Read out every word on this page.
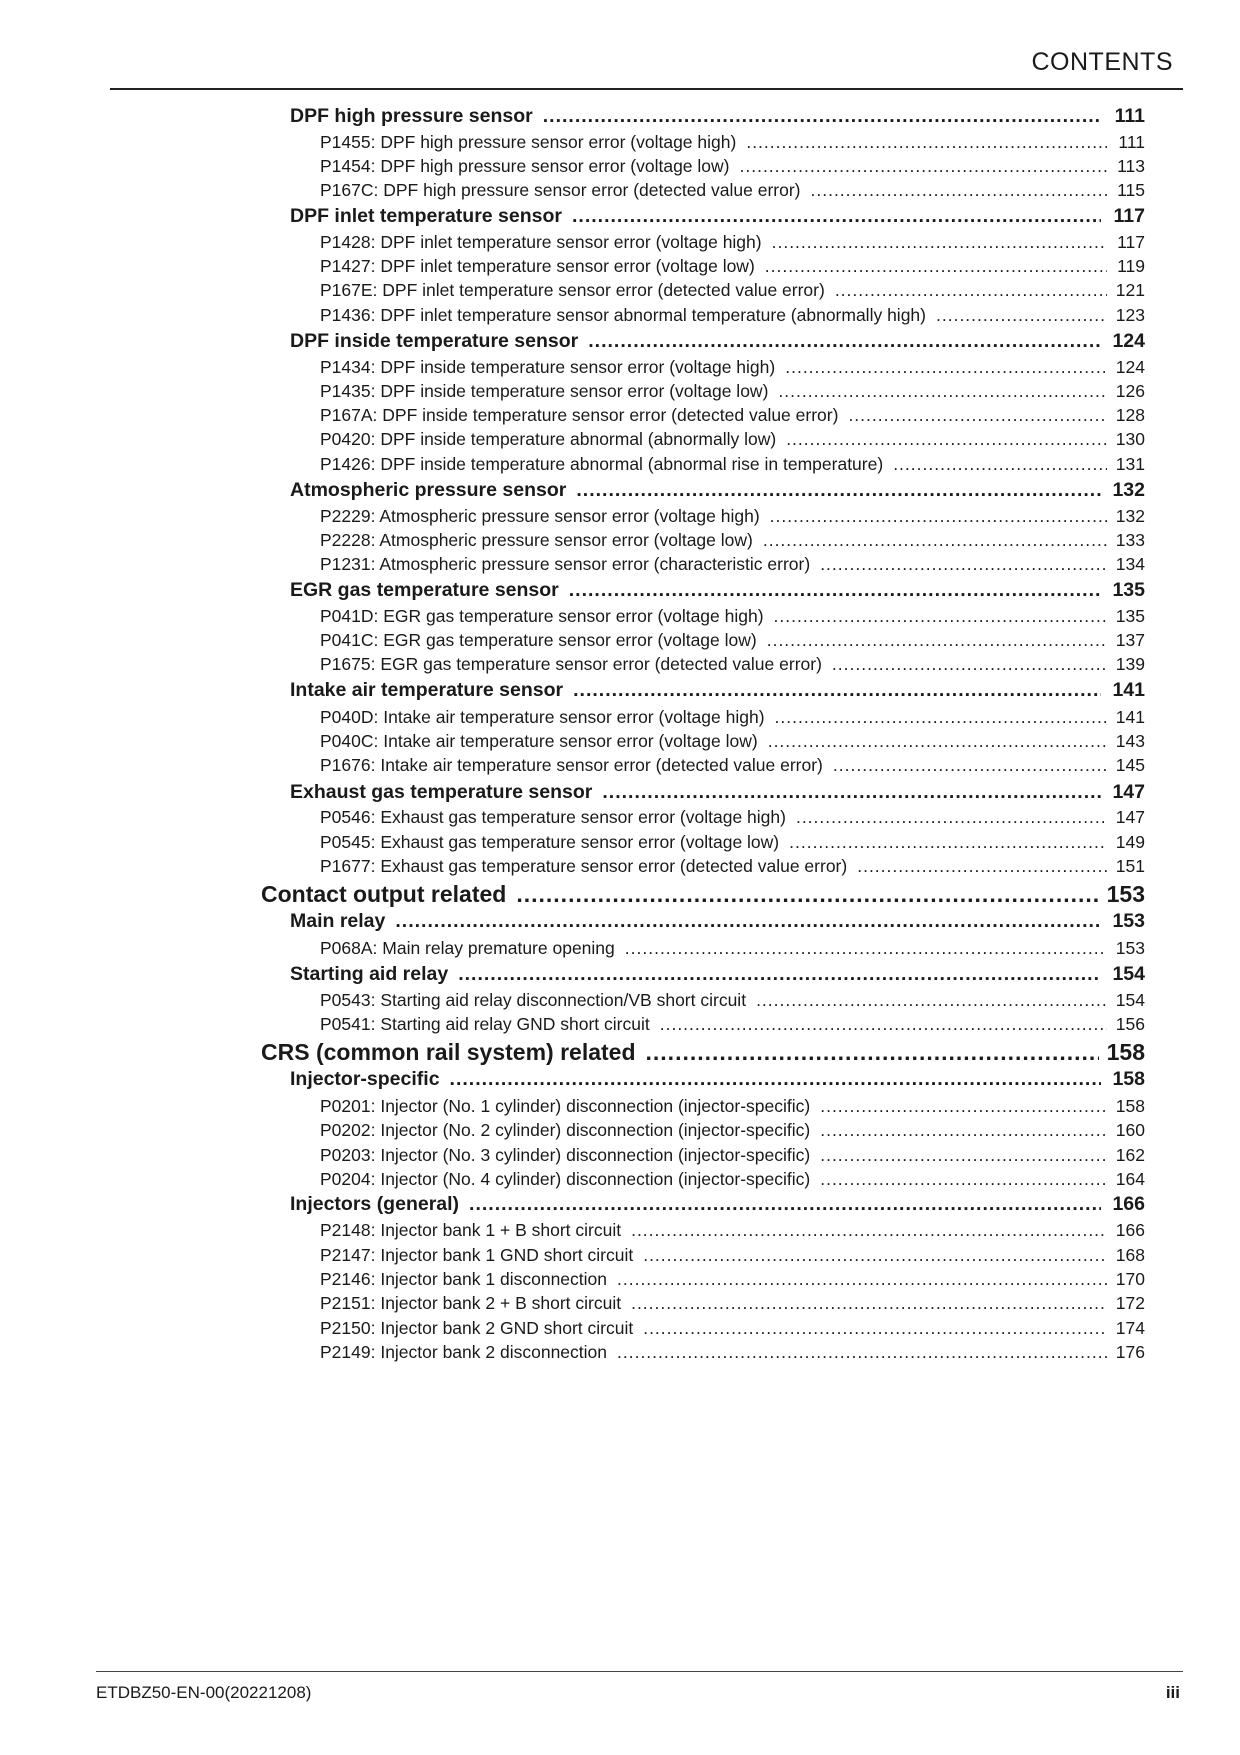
CONTENTS
DPF high pressure sensor .....	111
P1455: DPF high pressure sensor error (voltage high) .....	111
P1454: DPF high pressure sensor error (voltage low) .....	113
P167C: DPF high pressure sensor error (detected value error) .....	115
DPF inlet temperature sensor .....	117
P1428: DPF inlet temperature sensor error (voltage high) .....	117
P1427: DPF inlet temperature sensor error (voltage low) .....	119
P167E: DPF inlet temperature sensor error (detected value error) .....	121
P1436: DPF inlet temperature sensor abnormal temperature (abnormally high) .....	123
DPF inside temperature sensor .....	124
P1434: DPF inside temperature sensor error (voltage high) .....	124
P1435: DPF inside temperature sensor error (voltage low) .....	126
P167A: DPF inside temperature sensor error (detected value error) .....	128
P0420: DPF inside temperature abnormal (abnormally low) .....	130
P1426: DPF inside temperature abnormal (abnormal rise in temperature) .....	131
Atmospheric pressure sensor .....	132
P2229: Atmospheric pressure sensor error (voltage high) .....	132
P2228: Atmospheric pressure sensor error (voltage low) .....	133
P1231: Atmospheric pressure sensor error (characteristic error) .....	134
EGR gas temperature sensor .....	135
P041D: EGR gas temperature sensor error (voltage high) .....	135
P041C: EGR gas temperature sensor error (voltage low) .....	137
P1675: EGR gas temperature sensor error (detected value error) .....	139
Intake air temperature sensor .....	141
P040D: Intake air temperature sensor error (voltage high) .....	141
P040C: Intake air temperature sensor error (voltage low) .....	143
P1676: Intake air temperature sensor error (detected value error) .....	145
Exhaust gas temperature sensor .....	147
P0546: Exhaust gas temperature sensor error (voltage high) .....	147
P0545: Exhaust gas temperature sensor error (voltage low) .....	149
P1677: Exhaust gas temperature sensor error (detected value error) .....	151
Contact output related .....	153
Main relay .....	153
P068A: Main relay premature opening .....	153
Starting aid relay .....	154
P0543: Starting aid relay disconnection/VB short circuit .....	154
P0541: Starting aid relay GND short circuit .....	156
CRS (common rail system) related .....	158
Injector-specific .....	158
P0201: Injector (No. 1 cylinder) disconnection (injector-specific) .....	158
P0202: Injector (No. 2 cylinder) disconnection (injector-specific) .....	160
P0203: Injector (No. 3 cylinder) disconnection (injector-specific) .....	162
P0204: Injector (No. 4 cylinder) disconnection (injector-specific) .....	164
Injectors (general) .....	166
P2148: Injector bank 1 + B short circuit .....	166
P2147: Injector bank 1 GND short circuit .....	168
P2146: Injector bank 1 disconnection .....	170
P2151: Injector bank 2 + B short circuit .....	172
P2150: Injector bank 2 GND short circuit .....	174
P2149: Injector bank 2 disconnection .....	176
ETDBZ50-EN-00(20221208)	iii
